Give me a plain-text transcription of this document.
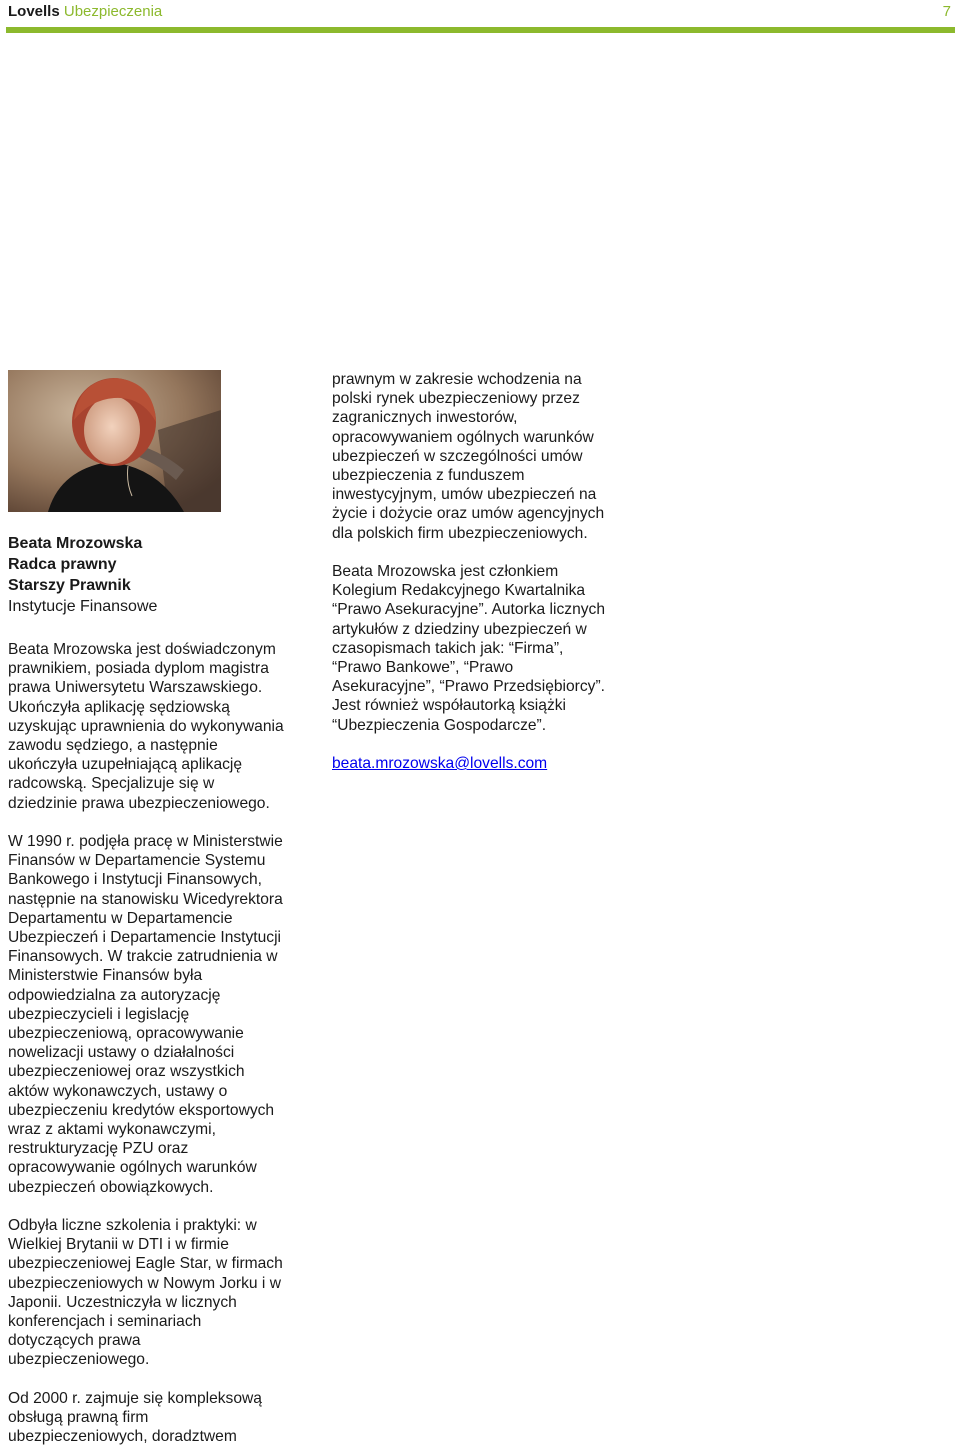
Lovells Ubezpieczenia	7
Beata Mrozowska
Radca prawny
Starszy Prawnik
Instytucje Finansowe

Beata Mrozowska jest doświadczonym
prawnikiem, posiada dyplom magistra
prawa Uniwersytetu Warszawskiego.
Ukończyła aplikację sędziowską
uzyskując uprawnienia do wykonywania
zawodu sędziego, a następnie
ukończyła uzupełniającą aplikację
radcowską. Specjalizuje się w
dziedzinie prawa ubezpieczeniowego.

W 1990 r. podjęła pracę w Ministerstwie
Finansów w Departamencie Systemu
Bankowego i Instytucji Finansowych,
następnie na stanowisku Wicedyrektora
Departamentu w Departamencie
Ubezpieczeń i Departamencie Instytucji
Finansowych. W trakcie zatrudnienia w
Ministerstwie Finansów była
odpowiedzialna za autoryzację
ubezpieczycieli i legislację
ubezpieczeniową, opracowywanie
nowelizacji ustawy o działalności
ubezpieczeniowej oraz wszystkich
aktów wykonawczych, ustawy o
ubezpieczeniu kredytów eksportowych
wraz z aktami wykonawczymi,
restrukturyzację PZU oraz
opracowywanie ogólnych warunków
ubezpieczeń obowiązkowych.

Odbyła liczne szkolenia i praktyki: w
Wielkiej Brytanii w DTI i w firmie
ubezpieczeniowej Eagle Star, w firmach
ubezpieczeniowych w Nowym Jorku i w
Japonii. Uczestniczyła w licznych
konferencjach i seminariach
dotyczących prawa
ubezpieczeniowego.

Od 2000 r. zajmuje się kompleksową
obsługą prawną firm
ubezpieczeniowych, doradztwem

prawnym w zakresie wchodzenia na
polski rynek ubezpieczeniowy przez
zagranicznych inwestorów,
opracowywaniem ogólnych warunków
ubezpieczeń w szczególności umów
ubezpieczenia z funduszem
inwestycyjnym, umów ubezpieczeń na
życie i dożycie oraz umów agencyjnych
dla polskich firm ubezpieczeniowych.

Beata Mrozowska jest członkiem
Kolegium Redakcyjnego Kwartalnika
“Prawo Asekuracyjne”. Autorka licznych
artykułów z dziedziny ubezpieczeń w
czasopismach takich jak: “Firma”,
“Prawo Bankowe”, “Prawo
Asekuracyjne”, “Prawo Przedsiębiorcy”.
Jest również współautorką książki
“Ubezpieczenia Gospodarcze”.

beata.mrozowska@lovells.com
